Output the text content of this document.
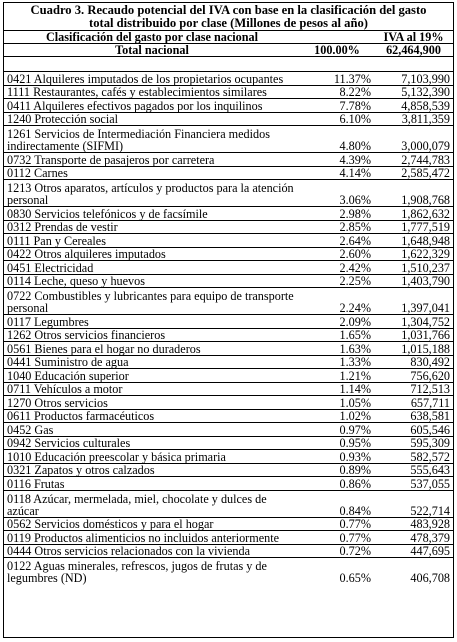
Cuadro 3. Recaudo potencial del IVA con base en la clasificación del gasto
total distribuido por clase (Millones de pesos al año)
Clasificación del gasto por clase nacional		IVA al 19%
Total nacional	100.00%	62,464,900

0421 Alquileres imputados de los propietarios ocupantes	11.37%	7,103,990
1111 Restaurantes, cafés y establecimientos similares	8.22%	5,132,390
0411 Alquileres efectivos pagados por los inquilinos	7.78%	4,858,539
1240 Protección social	6.10%	3,811,359
1261 Servicios de Intermediación Financiera medidos indirectamente (SIFMI)	4.80%	3,000,079
0732 Transporte de pasajeros por carretera	4.39%	2,744,783
0112 Carnes	4.14%	2,585,472
1213 Otros aparatos, artículos y productos para la atención personal	3.06%	1,908,768
0830 Servicios telefónicos y de facsímile	2.98%	1,862,632
0312 Prendas de vestir	2.85%	1,777,519
0111 Pan y Cereales	2.64%	1,648,948
0422 Otros alquileres imputados	2.60%	1,622,329
0451 Electricidad	2.42%	1,510,237
0114 Leche, queso y huevos	2.25%	1,403,790
0722 Combustibles y lubricantes para equipo de transporte personal	2.24%	1,397,041
0117 Legumbres	2.09%	1,304,752
1262 Otros servicios financieros	1.65%	1,031,766
0561 Bienes para el hogar no duraderos	1.63%	1,015,188
0441 Suministro de agua	1.33%	830,492
1040 Educación superior	1.21%	756,620
0711 Vehículos a motor	1.14%	712,513
1270 Otros servicios	1.05%	657,711
0611 Productos farmacéuticos	1.02%	638,581
0452 Gas	0.97%	605,546
0942 Servicios culturales	0.95%	595,309
1010 Educación preescolar y básica primaria	0.93%	582,572
0321 Zapatos y otros calzados	0.89%	555,643
0116 Frutas	0.86%	537,055
0118 Azúcar, mermelada, miel, chocolate y dulces de azúcar	0.84%	522,714
0562 Servicios domésticos y para el hogar	0.77%	483,928
0119 Productos alimenticios no incluidos anteriormente	0.77%	478,379
0444 Otros servicios relacionados con la vivienda	0.72%	447,695
0122 Aguas minerales, refrescos, jugos de frutas y de legumbres (ND)	0.65%	406,708
